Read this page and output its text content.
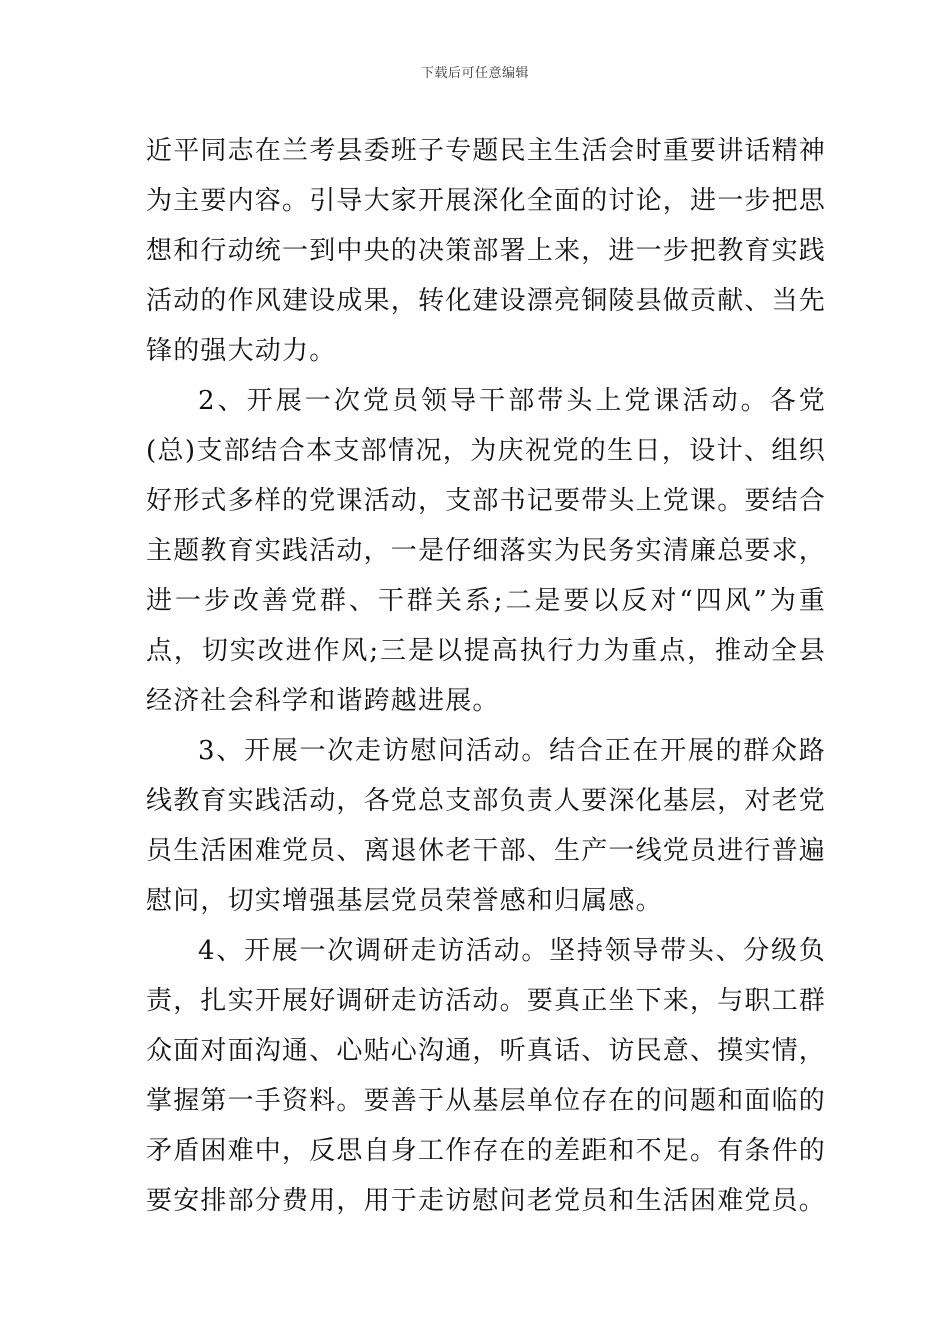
下载后可任意编辑

近平同志在兰考县委班子专题民主生活会时重要讲话精神为主要内容。引导大家开展深化全面的讨论，进一步把思想和行动统一到中央的决策部署上来，进一步把教育实践活动的作风建设成果，转化建设漂亮铜陵县做贡献、当先锋的强大动力。

2、开展一次党员领导干部带头上党课活动。各党(总)支部结合本支部情况，为庆祝党的生日，设计、组织好形式多样的党课活动，支部书记要带头上党课。要结合主题教育实践活动，一是仔细落实为民务实清廉总要求，进一步改善党群、干群关系;二是要以反对“四风”为重点，切实改进作风;三是以提高执行力为重点，推动全县经济社会科学和谐跨越进展。

3、开展一次走访慰问活动。结合正在开展的群众路线教育实践活动，各党总支部负责人要深化基层，对老党员生活困难党员、离退休老干部、生产一线党员进行普遍慰问，切实增强基层党员荣誉感和归属感。

4、开展一次调研走访活动。坚持领导带头、分级负责，扎实开展好调研走访活动。要真正坐下来，与职工群众面对面沟通、心贴心沟通，听真话、访民意、摸实情，掌握第一手资料。要善于从基层单位存在的问题和面临的矛盾困难中，反思自身工作存在的差距和不足。有条件的要安排部分费用，用于走访慰问老党员和生活困难党员。
